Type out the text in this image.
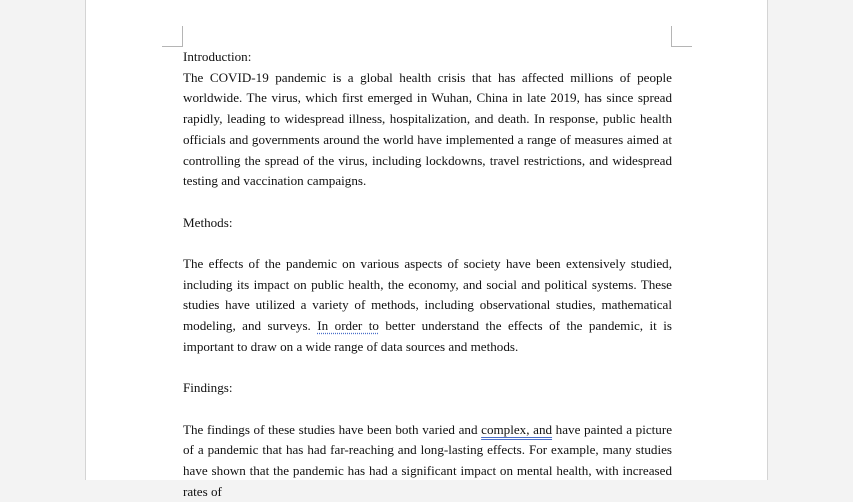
Introduction:

The COVID-19 pandemic is a global health crisis that has affected millions of people worldwide. The virus, which first emerged in Wuhan, China in late 2019, has since spread rapidly, leading to widespread illness, hospitalization, and death. In response, public health officials and governments around the world have implemented a range of measures aimed at controlling the spread of the virus, including lockdowns, travel restrictions, and widespread testing and vaccination campaigns.

Methods:

The effects of the pandemic on various aspects of society have been extensively studied, including its impact on public health, the economy, and social and political systems. These studies have utilized a variety of methods, including observational studies, mathematical modeling, and surveys. In order to better understand the effects of the pandemic, it is important to draw on a wide range of data sources and methods.

Findings:

The findings of these studies have been both varied and complex, and have painted a picture of a pandemic that has had far-reaching and long-lasting effects. For example, many studies have shown that the pandemic has had a significant impact on mental health, with increased rates of
